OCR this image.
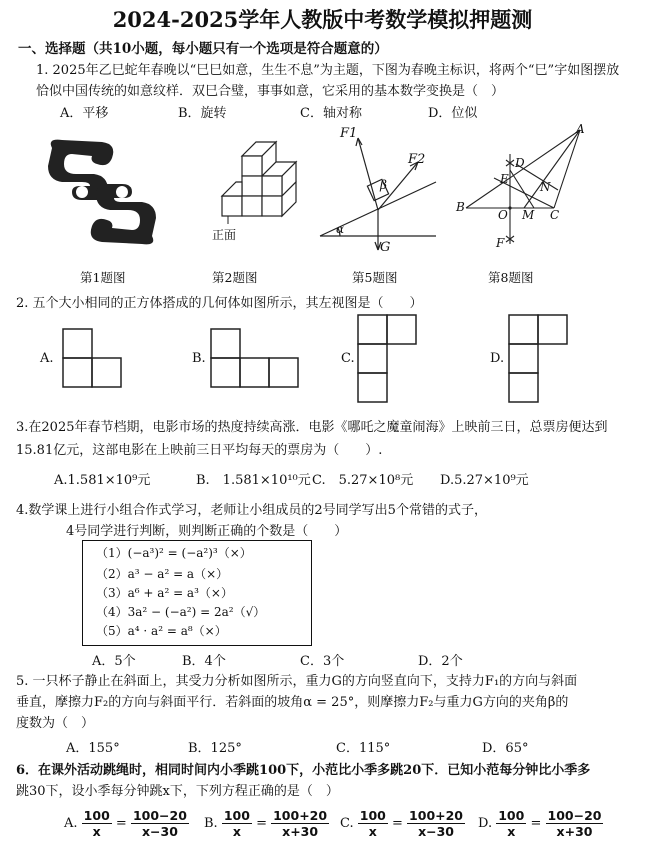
2024-2025学年人教版中考数学模拟押题测
一、选择题（共10小题，每小题只有一个选项是符合题意的）
1. 2025年乙巳蛇年春晚以“巳巳如意，生生不息”为主题，下图为春晚主标识，将两个“巳”字如图摆放
恰似中国传统的如意纹样．双巳合璧，事事如意，它采用的基本数学变换是（　）
A．平移	B．旋转	C．轴对称	D．位似
正面
F1
F2
β
α
G
A
D
E
N
B
O M C
F
第1题图	第2题图	第5题图	第8题图
2. 五个大小相同的正方体搭成的几何体如图所示，其左视图是（　　）
A.	B.	C.	D.
3.在2025年春节档期，电影市场的热度持续高涨．电影《哪吒之魔童闹海》上映前三日，总票房便达到
15.81亿元，这部电影在上映前三日平均每天的票房为（　　）.
A.1.581×10⁹元	B.　1.581×10¹⁰元 C.　5.27×10⁸元 D.5.27×10⁹元
4.数学课上进行小组合作式学习，老师让小组成员的2号同学写出5个常错的式子，
4号同学进行判断，则判断正确的个数是（　　）
（1）(−a³)² = (−a²)³（×）
（2）a³ − a² = a（×）
（3）a⁶ + a² = a³（×）
（4）3a² − (−a²) = 2a²（√）
（5）a⁴ · a² = a⁸（×）
A．5个	B．4个	C．3个	D．2个
5. 一只杯子静止在斜面上，其受力分析如图所示，重力G的方向竖直向下，支持力F₁的方向与斜面
垂直，摩擦力F₂的方向与斜面平行．若斜面的坡角α = 25°，则摩擦力F₂与重力G方向的夹角β的
度数为（　）
A．155°	B．125°	C．115°	D．65°
6．在课外活动跳绳时，相同时间内小季跳100下，小范比小季多跳20下．已知小范每分钟比小季多
跳30下，设小季每分钟跳x下，下列方程正确的是（　）
A. $\frac{100}{x} = \frac{100-20}{x-30} B$. $\frac{100}{x} = \frac{100+20}{x+30} C$. $\frac{100}{x} = \frac{100+20}{x-30} D$. $\frac{100}{x} = \frac{100-20}{x+30}$
